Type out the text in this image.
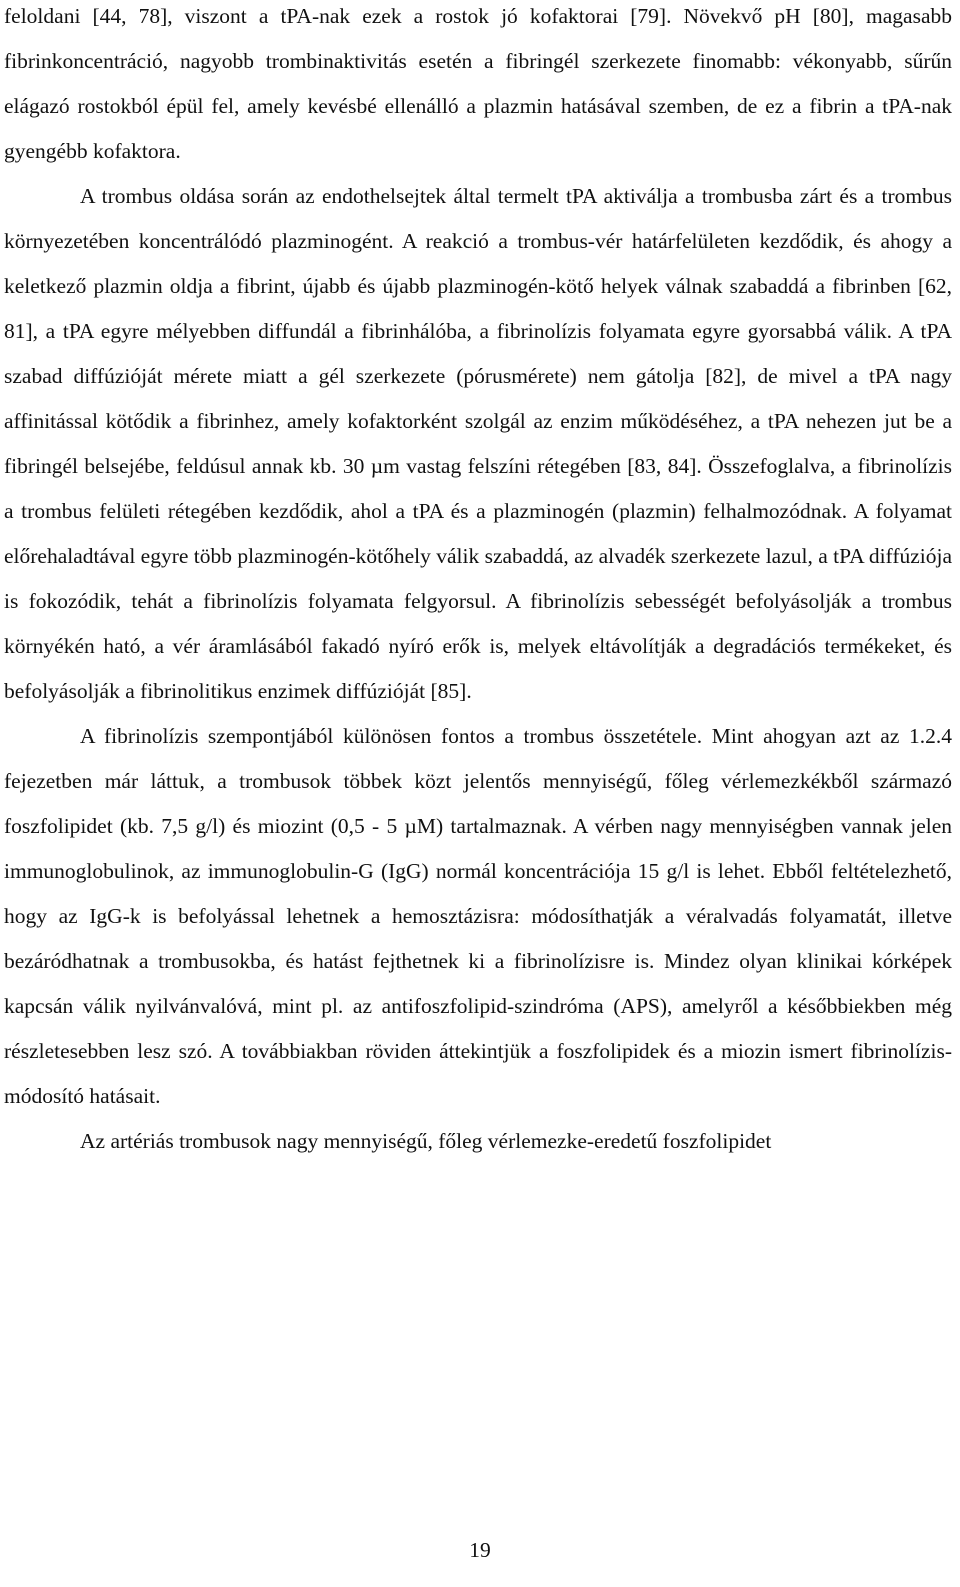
feloldani [44, 78], viszont a tPA-nak ezek a rostok jó kofaktorai [79]. Növekvő pH [80], magasabb fibrinkoncentráció, nagyobb trombinaktivitás esetén a fibringél szerkezete finomabb: vékonyabb, sűrűn elágazó rostokból épül fel, amely kevésbé ellenálló a plazmin hatásával szemben, de ez a fibrin a tPA-nak gyengébb kofaktora.

A trombus oldása során az endothelsejtek által termelt tPA aktiválja a trombusba zárt és a trombus környezetében koncentrálódó plazminogént. A reakció a trombus-vér határfelületen kezdődik, és ahogy a keletkező plazmin oldja a fibrint, újabb és újabb plazminogén-kötő helyek válnak szabaddá a fibrinben [62, 81], a tPA egyre mélyebben diffundál a fibrinhálóba, a fibrinolízis folyamata egyre gyorsabbá válik. A tPA szabad diffúzióját mérete miatt a gél szerkezete (pórusmérete) nem gátolja [82], de mivel a tPA nagy affinitással kötődik a fibrinhez, amely kofaktorként szolgál az enzim működéséhez, a tPA nehezen jut be a fibringél belsejébe, feldúsul annak kb. 30 µm vastag felszíni rétegében [83, 84]. Összefoglalva, a fibrinolízis a trombus felületi rétegében kezdődik, ahol a tPA és a plazminogén (plazmin) felhalmozódnak. A folyamat előrehaladtával egyre több plazminogén-kötőhely válik szabaddá, az alvadék szerkezete lazul, a tPA diffúziója is fokozódik, tehát a fibrinolízis folyamata felgyorsul. A fibrinolízis sebességét befolyásolják a trombus környékén ható, a vér áramlásából fakadó nyíró erők is, melyek eltávolítják a degradációs termékeket, és befolyásolják a fibrinolitikus enzimek diffúzióját [85].

A fibrinolízis szempontjából különösen fontos a trombus összetétele. Mint ahogyan azt az 1.2.4 fejezetben már láttuk, a trombusok többek közt jelentős mennyiségű, főleg vérlemezkékből származó foszfolipidet (kb. 7,5 g/l) és miozint (0,5 - 5 µM) tartalmaznak. A vérben nagy mennyiségben vannak jelen immunoglobulinok, az immunoglobulin-G (IgG) normál koncentrációja 15 g/l is lehet. Ebből feltételezhető, hogy az IgG-k is befolyással lehetnek a hemosztázisra: módosíthatják a véralvadás folyamatát, illetve bezáródhatnak a trombusokba, és hatást fejthetnek ki a fibrinolízisre is. Mindez olyan klinikai kórképek kapcsán válik nyilvánvalóvá, mint pl. az antifoszfolipid-szindróma (APS), amelyről a későbbiekben még részletesebben lesz szó. A továbbiakban röviden áttekintjük a foszfolipidek és a miozin ismert fibrinolízis-módosító hatásait.

Az artériás trombusok nagy mennyiségű, főleg vérlemezke-eredetű foszfolipidet

19
